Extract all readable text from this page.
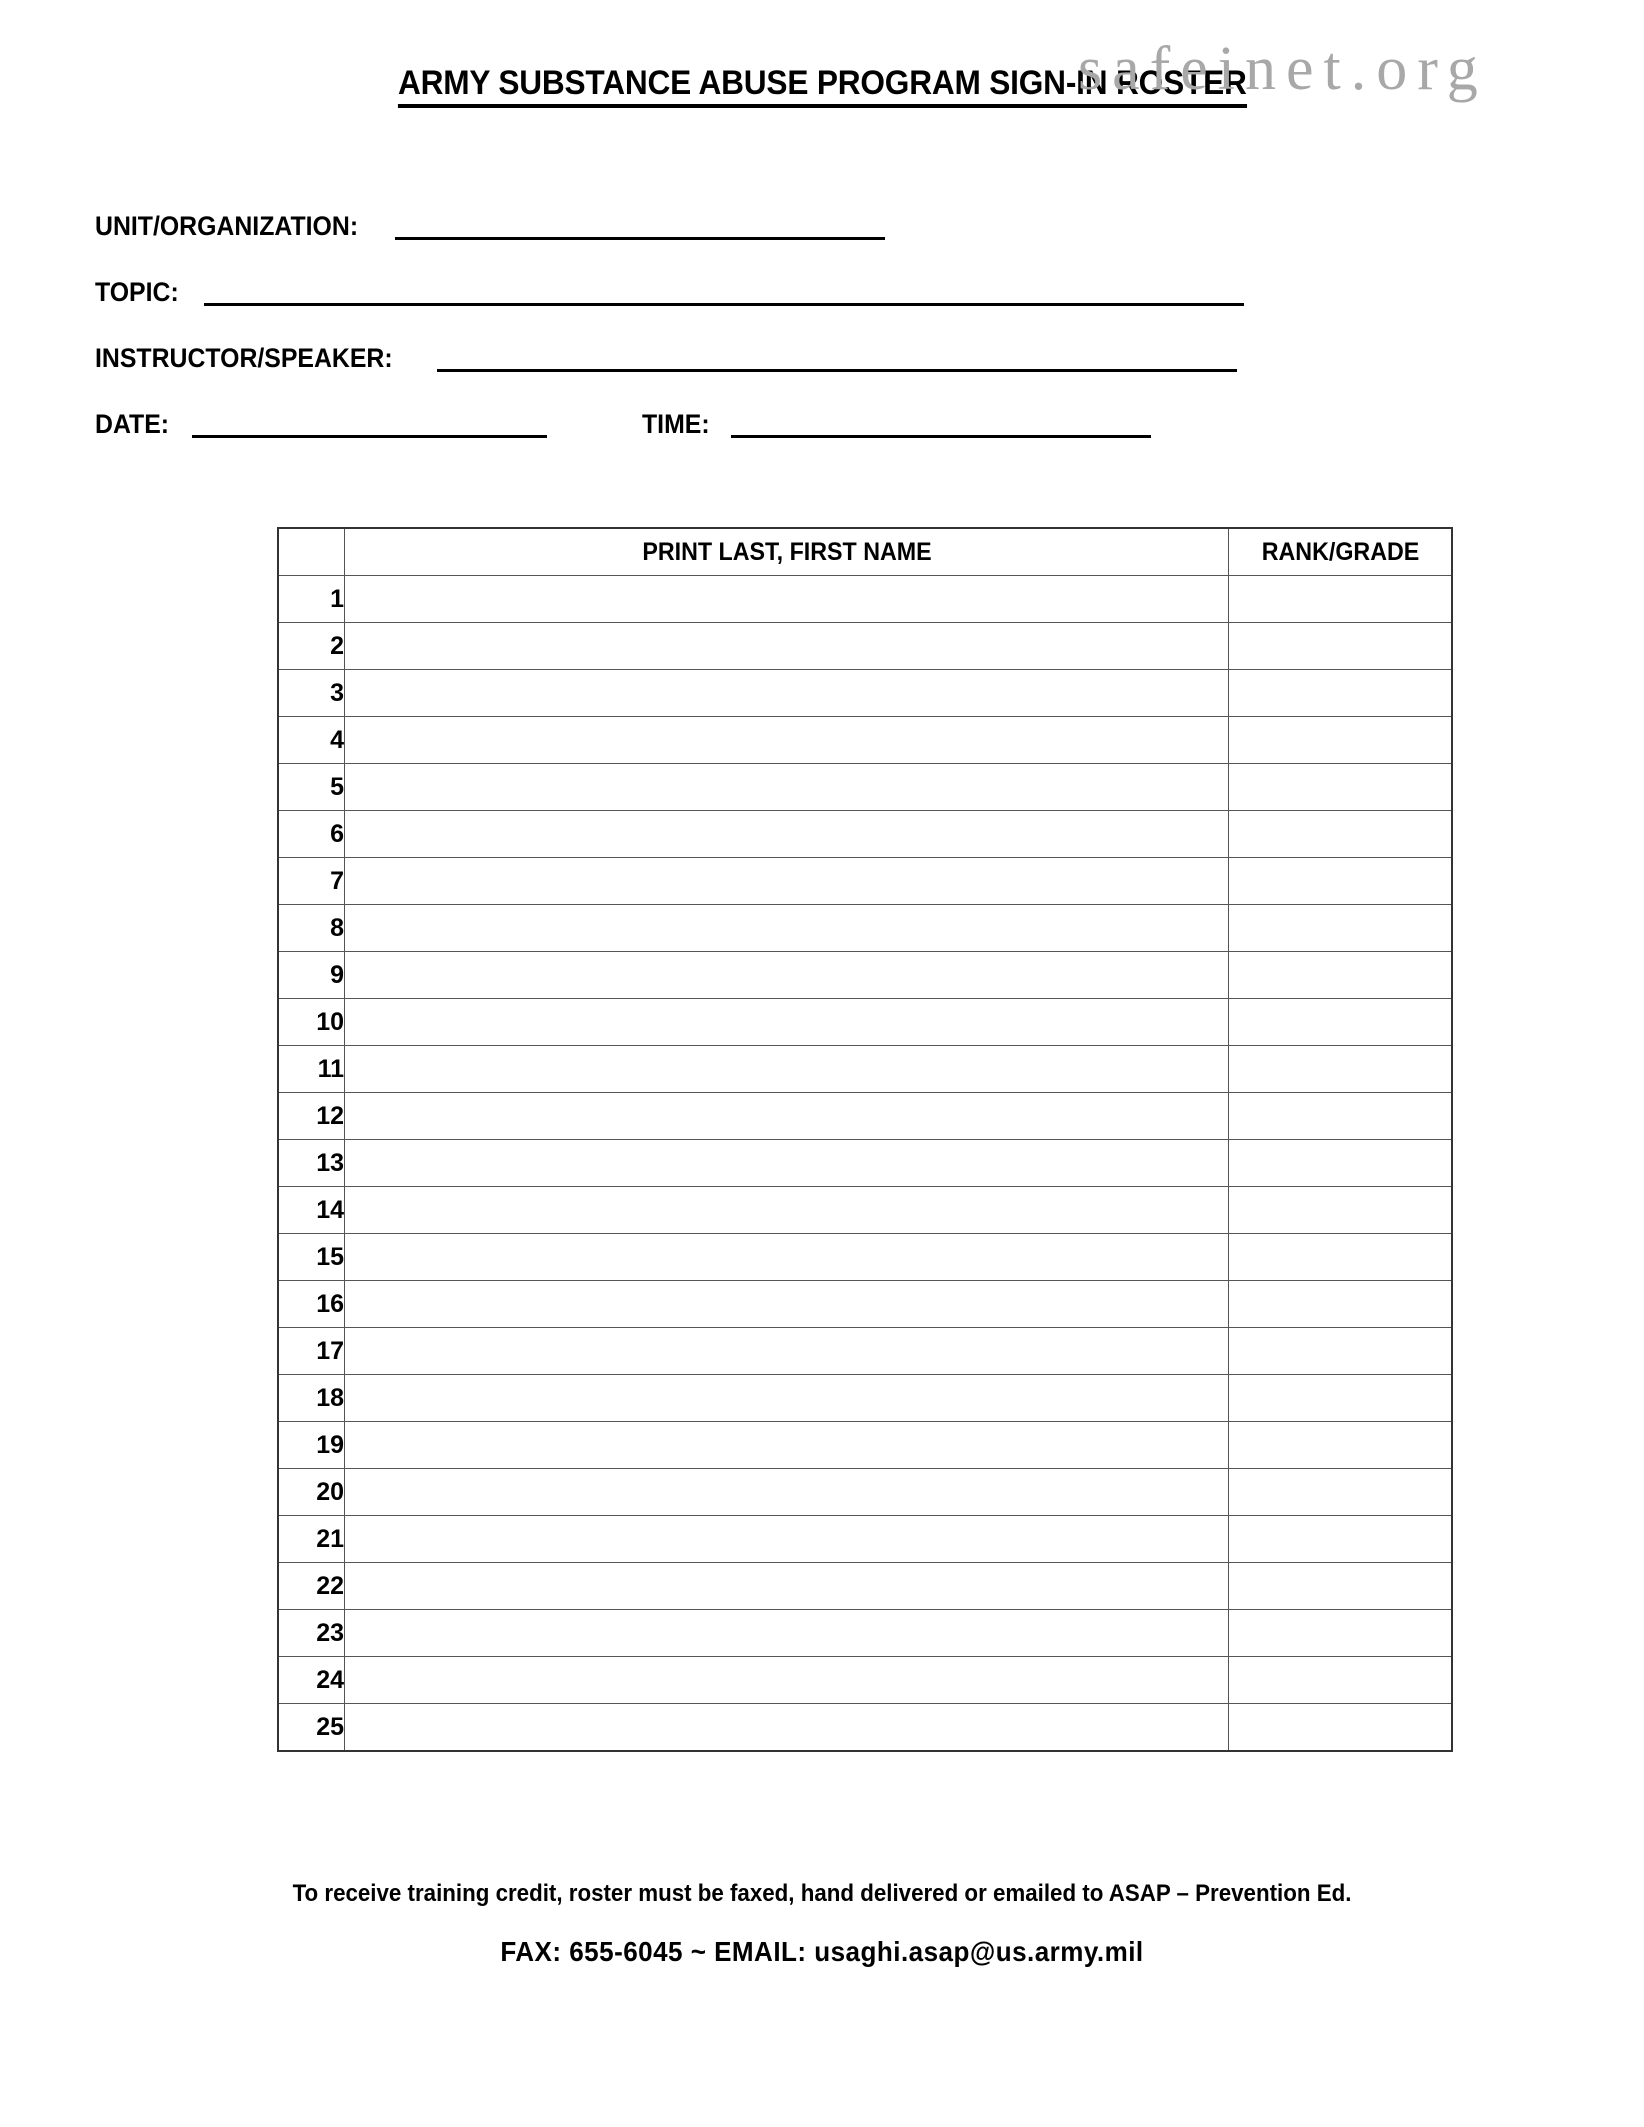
safeinet.org
ARMY SUBSTANCE ABUSE PROGRAM SIGN-IN ROSTER
UNIT/ORGANIZATION:
TOPIC:
INSTRUCTOR/SPEAKER:
DATE:	TIME:
	PRINT LAST, FIRST NAME	RANK/GRADE
1		
2		
3		
4		
5		
6		
7		
8		
9		
10		
11		
12		
13		
14		
15		
16		
17		
18		
19		
20		
21		
22		
23		
24		
25		
To receive training credit, roster must be faxed, hand delivered or emailed to ASAP – Prevention Ed.
FAX: 655-6045 ~ EMAIL: usaghi.asap@us.army.mil
